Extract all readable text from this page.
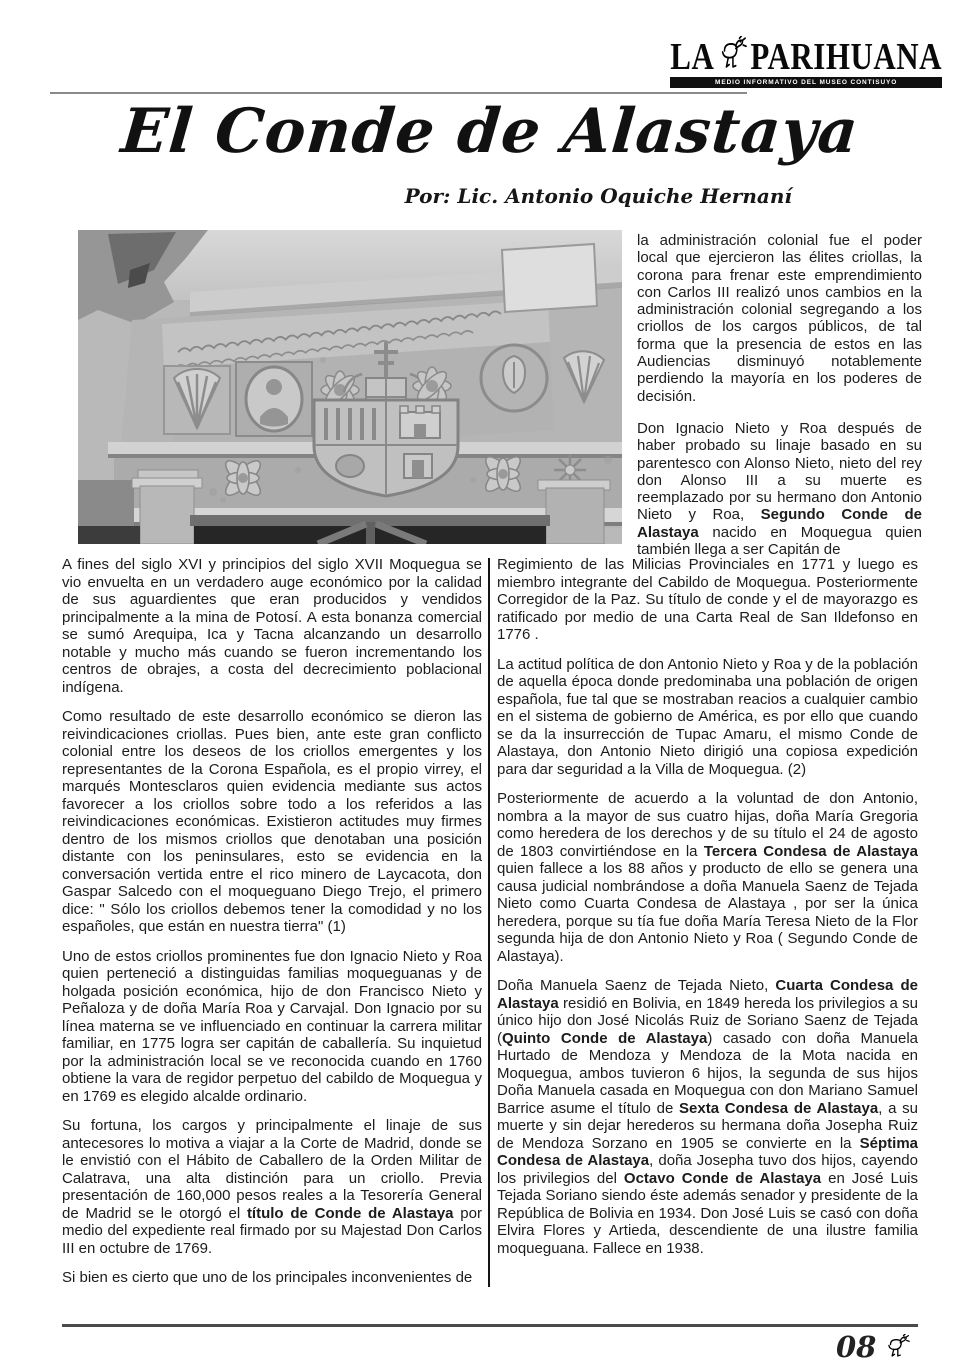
LA PARIHUANA
MEDIO INFORMATIVO DEL MUSEO CONTISUYO
El Conde de Alastaya
Por: Lic. Antonio Oquiche Hernaní

la administración colonial fue el poder local que ejercieron las élites criollas, la corona para frenar este emprendimiento con Carlos III realizó unos cambios en la administración colonial segregando a los criollos de los cargos públicos, de tal forma que la presencia de estos en las Audiencias disminuyó notablemente perdiendo la mayoría en los poderes de decisión.

Don Ignacio Nieto y Roa después de haber probado su linaje basado en su parentesco con Alonso Nieto, nieto del rey don Alonso III a su muerte es reemplazado por su hermano don Antonio Nieto y Roa, Segundo Conde de Alastaya nacido en Moquegua quien también llega a ser Capitán de

A fines del siglo XVI y principios del siglo XVII Moquegua se vio envuelta en un verdadero auge económico por la calidad de sus aguardientes que eran producidos y vendidos principalmente a la mina de Potosí. A esta bonanza comercial se sumó Arequipa, Ica y Tacna alcanzando un desarrollo notable y mucho más cuando se fueron incrementando los centros de obrajes, a costa del decrecimiento poblacional indígena.

Como resultado de este desarrollo económico se dieron las reivindicaciones criollas. Pues bien, ante este gran conflicto colonial entre los deseos de los criollos emergentes y los representantes de la Corona Española, es el propio virrey, el marqués Montesclaros quien evidencia mediante sus actos favorecer a los criollos sobre todo a los referidos a las reivindicaciones económicas. Existieron actitudes muy firmes dentro de los mismos criollos que denotaban una posición distante con los peninsulares, esto se evidencia en la conversación vertida entre el rico minero de Laycacota, don Gaspar Salcedo con el moqueguano Diego Trejo, el primero dice: " Sólo los criollos debemos tener la comodidad y no los españoles, que están en nuestra tierra" (1)

Uno de estos criollos prominentes fue don Ignacio Nieto y Roa quien perteneció a distinguidas familias moqueguanas y de holgada posición económica, hijo de don Francisco Nieto y Peñaloza y de doña María Roa y Carvajal. Don Ignacio por su línea materna se ve influenciado en continuar la carrera militar familiar, en 1775 logra ser capitán de caballería. Su inquietud por la administración local se ve reconocida cuando en 1760 obtiene la vara de regidor perpetuo del cabildo de Moquegua y en 1769 es elegido alcalde ordinario.

Su fortuna, los cargos y principalmente el linaje de sus antecesores lo motiva a viajar a la Corte de Madrid, donde se le envistió con el Hábito de Caballero de la Orden Militar de Calatrava, una alta distinción para un criollo. Previa presentación de 160,000 pesos reales a la Tesorería General de Madrid se le otorgó el título de Conde de Alastaya por medio del expediente real firmado por su Majestad Don Carlos III en octubre de 1769.

Si bien es cierto que uno de los principales inconvenientes de

Regimiento de las Milicias Provinciales en 1771 y luego es miembro integrante del Cabildo de Moquegua. Posteriormente Corregidor de la Paz. Su título de conde y el de mayorazgo es ratificado por medio de una Carta Real de San Ildefonso en 1776 .

La actitud política de don Antonio Nieto y Roa y de la población de aquella época donde predominaba una población de origen española, fue tal que se mostraban reacios a cualquier cambio en el sistema de gobierno de América, es por ello que cuando se da la insurrección de Tupac Amaru, el mismo Conde de Alastaya, don Antonio Nieto dirigió una copiosa expedición para dar seguridad a la Villa de Moquegua. (2)

Posteriormente de acuerdo a la voluntad de don Antonio, nombra a la mayor de sus cuatro hijas, doña María Gregoria como heredera de los derechos y de su título el 24 de agosto de 1803 convirtiéndose en la Tercera Condesa de Alastaya quien fallece a los 88 años y producto de ello se genera una causa judicial nombrándose a doña Manuela Saenz de Tejada Nieto como Cuarta Condesa de Alastaya , por ser la única heredera, porque su tía fue doña María Teresa Nieto de la Flor segunda hija de don Antonio Nieto y Roa ( Segundo Conde de Alastaya).

Doña Manuela Saenz de Tejada Nieto, Cuarta Condesa de Alastaya residió en Bolivia, en 1849 hereda los privilegios a su único hijo don José Nicolás Ruiz de Soriano Saenz de Tejada (Quinto Conde de Alastaya) casado con doña Manuela Hurtado de Mendoza y Mendoza de la Mota nacida en Moquegua, ambos tuvieron 6 hijos, la segunda de sus hijos Doña Manuela casada en Moquegua con don Mariano Samuel Barrice asume el título de Sexta Condesa de Alastaya, a su muerte y sin dejar herederos su hermana doña Josepha Ruiz de Mendoza Sorzano en 1905 se convierte en la Séptima Condesa de Alastaya, doña Josepha tuvo dos hijos, cayendo los privilegios del Octavo Conde de Alastaya en José Luis Tejada Soriano siendo éste además senador y presidente de la República de Bolivia en 1934. Don José Luis se casó con doña Elvira Flores y Artieda, descendiente de una ilustre familia moqueguana. Fallece en 1938.

08
